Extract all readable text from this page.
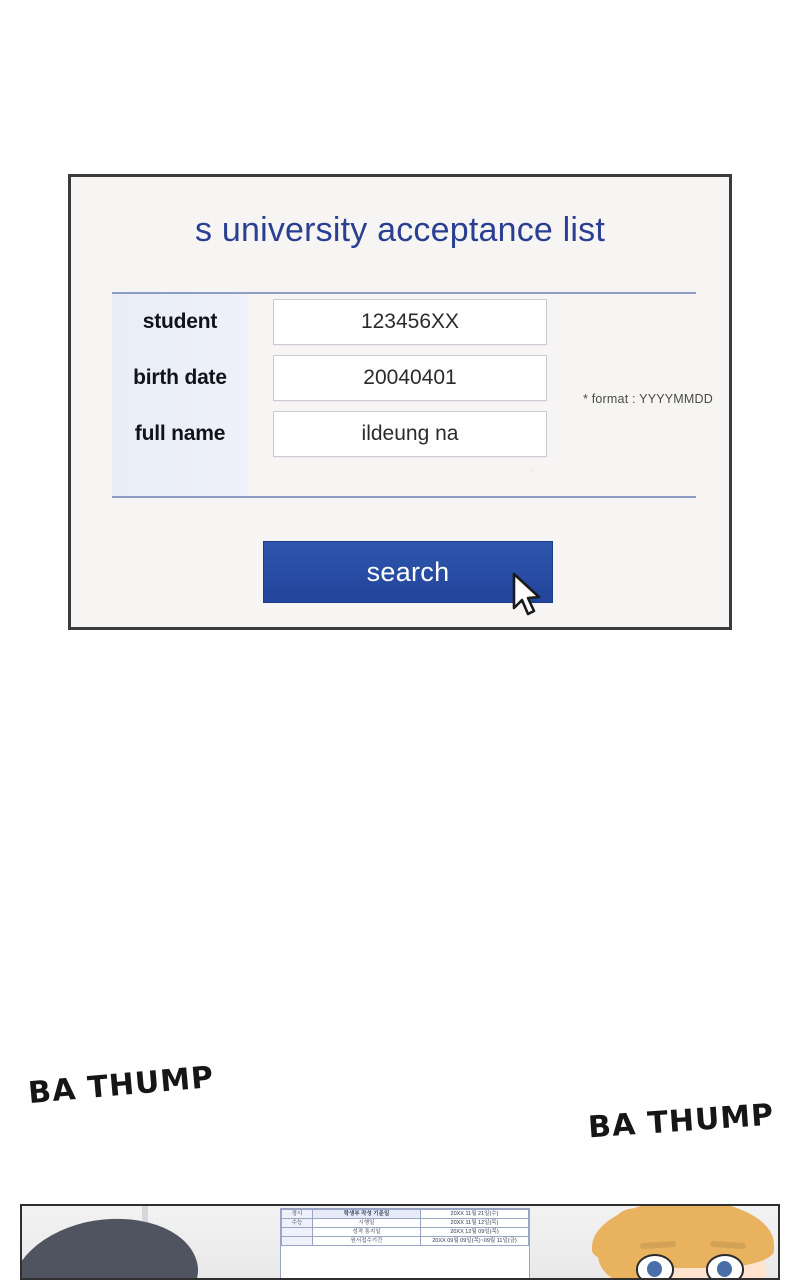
s university acceptance list
student	123456XX
birth date	20040401
full name	ildeung na
* format : YYYYMMDD
search
BA THUMP
BA THUMP
정시	학생부 작성 기준일	20XX 11월 21일(수)
수능	시행일	20XX 11월 12일(목)
	성적 통지일	20XX 12월 09일(목)
	원서접수기간	20XX 09월 09일(목)~09월 11일(금)
